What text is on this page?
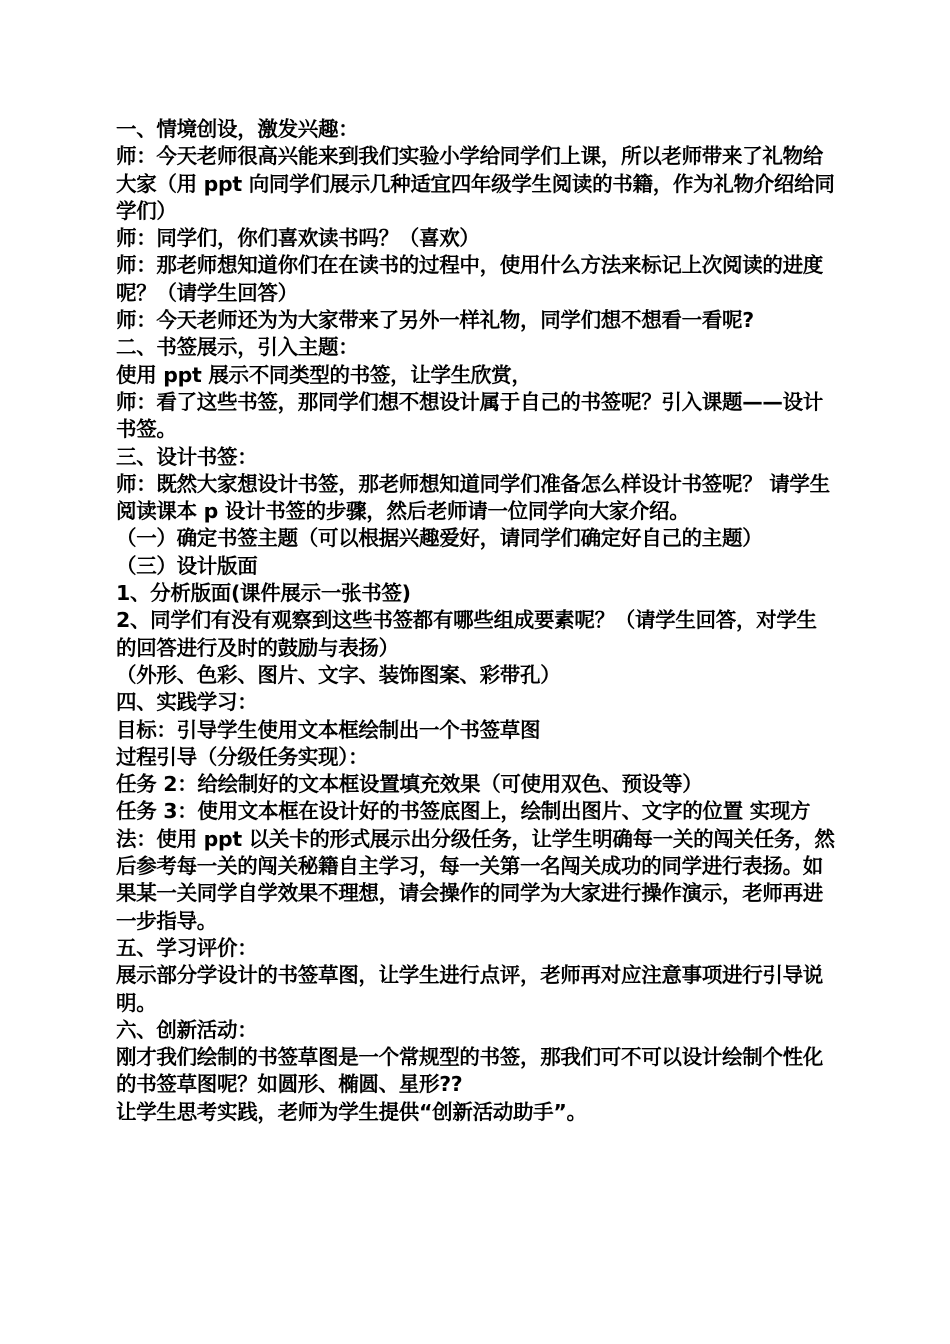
一、情境创设，激发兴趣：

师：今天老师很高兴能来到我们实验小学给同学们上课，所以老师带来了礼物给大家（用 ppt 向同学们展示几种适宜四年级学生阅读的书籍，作为礼物介绍给同学们）

师：同学们，你们喜欢读书吗？（喜欢）

师：那老师想知道你们在在读书的过程中，使用什么方法来标记上次阅读的进度呢？（请学生回答）

师：今天老师还为为大家带来了另外一样礼物，同学们想不想看一看呢?

二、书签展示，引入主题：

使用 ppt 展示不同类型的书签，让学生欣赏，

师：看了这些书签，那同学们想不想设计属于自己的书签呢？引入课题——设计书签。

三、设计书签：

师：既然大家想设计书签，那老师想知道同学们准备怎么样设计书签呢？ 请学生阅读课本 p 设计书签的步骤，然后老师请一位同学向大家介绍。

（一）确定书签主题（可以根据兴趣爱好，请同学们确定好自己的主题）

（三）设计版面

1、分析版面(课件展示一张书签)

2、同学们有没有观察到这些书签都有哪些组成要素呢？（请学生回答，对学生的回答进行及时的鼓励与表扬）

（外形、色彩、图片、文字、装饰图案、彩带孔）

四、实践学习：

目标：引导学生使用文本框绘制出一个书签草图

过程引导（分级任务实现）：

任务 2：给绘制好的文本框设置填充效果（可使用双色、预设等）

任务 3：使用文本框在设计好的书签底图上，绘制出图片、文字的位置 实现方法：使用 ppt 以关卡的形式展示出分级任务，让学生明确每一关的闯关任务，然后参考每一关的闯关秘籍自主学习，每一关第一名闯关成功的同学进行表扬。如果某一关同学自学效果不理想，请会操作的同学为大家进行操作演示，老师再进一步指导。

五、学习评价：

展示部分学设计的书签草图，让学生进行点评，老师再对应注意事项进行引导说明。

六、创新活动：

刚才我们绘制的书签草图是一个常规型的书签，那我们可不可以设计绘制个性化的书签草图呢？如圆形、椭圆、星形??

让学生思考实践，老师为学生提供“创新活动助手”。
